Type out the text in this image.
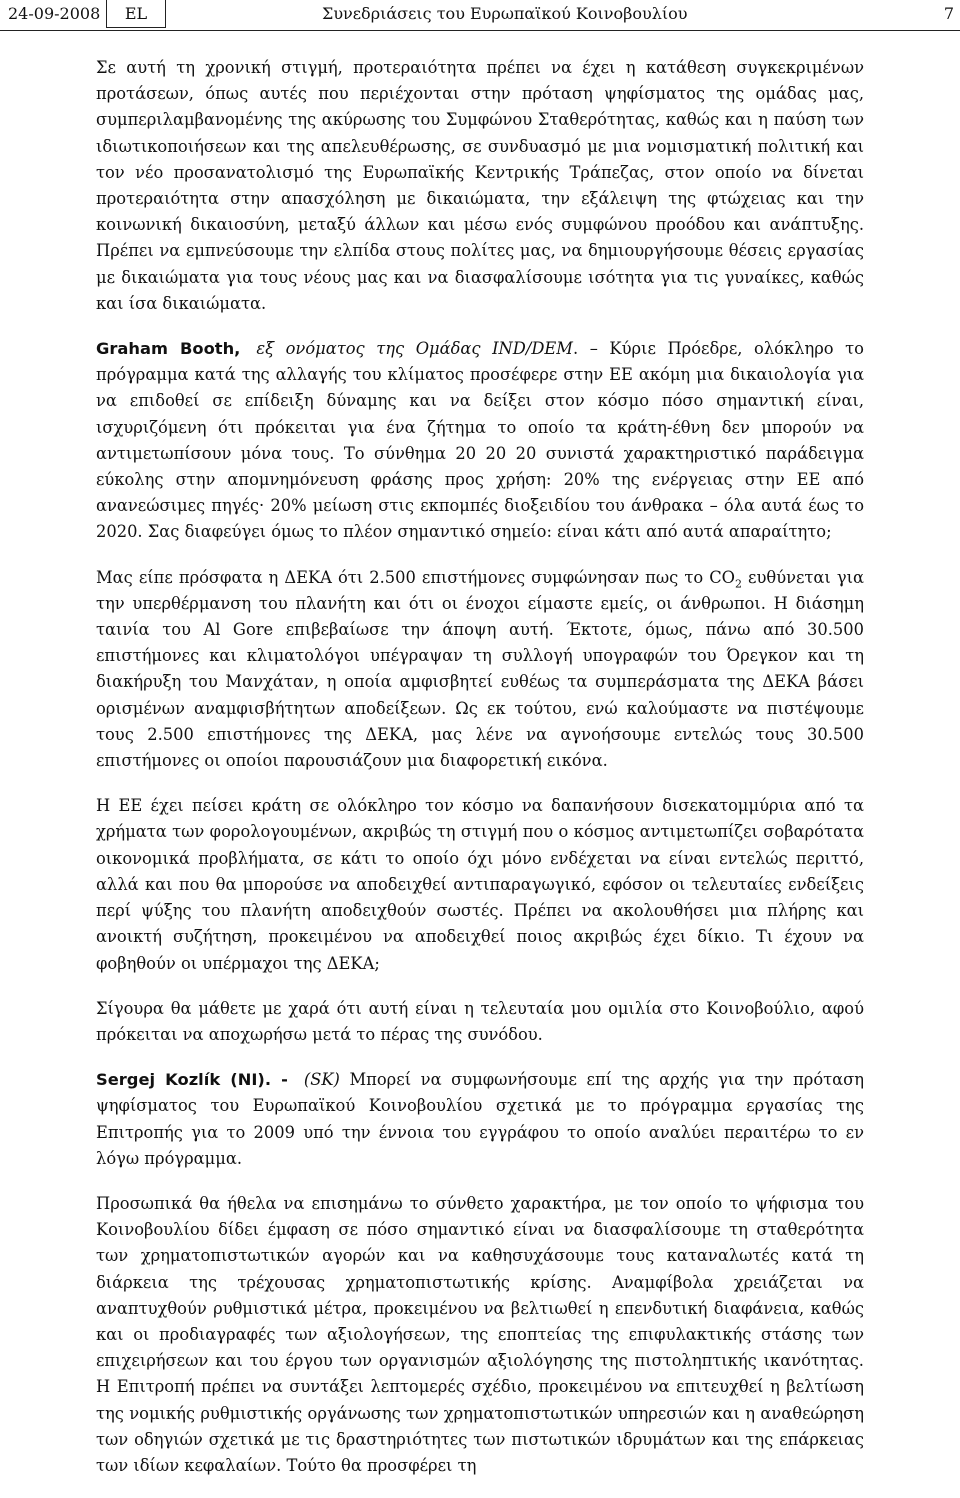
24-09-2008	EL	Συνεδριάσεις του Ευρωπαϊκού Κοινοβουλίου	7

Σε αυτή τη χρονική στιγμή, προτεραιότητα πρέπει να έχει η κατάθεση συγκεκριμένων προτάσεων, όπως αυτές που περιέχονται στην πρόταση ψηφίσματος της ομάδας μας, συμπεριλαμβανομένης της ακύρωσης του Συμφώνου Σταθερότητας, καθώς και η παύση των ιδιωτικοποιήσεων και της απελευθέρωσης, σε συνδυασμό με μια νομισματική πολιτική και τον νέο προσανατολισμό της Ευρωπαϊκής Κεντρικής Τράπεζας, στον οποίο να δίνεται προτεραιότητα στην απασχόληση με δικαιώματα, την εξάλειψη της φτώχειας και την κοινωνική δικαιοσύνη, μεταξύ άλλων και μέσω ενός συμφώνου προόδου και ανάπτυξης. Πρέπει να εμπνεύσουμε την ελπίδα στους πολίτες μας, να δημιουργήσουμε θέσεις εργασίας με δικαιώματα για τους νέους μας και να διασφαλίσουμε ισότητα για τις γυναίκες, καθώς και ίσα δικαιώματα.

Graham Booth, εξ ονόματος της Ομάδας IND/DEM. – Κύριε Πρόεδρε, ολόκληρο το πρόγραμμα κατά της αλλαγής του κλίματος προσέφερε στην ΕΕ ακόμη μια δικαιολογία για να επιδοθεί σε επίδειξη δύναμης και να δείξει στον κόσμο πόσο σημαντική είναι, ισχυριζόμενη ότι πρόκειται για ένα ζήτημα το οποίο τα κράτη-έθνη δεν μπορούν να αντιμετωπίσουν μόνα τους. Το σύνθημα 20 20 20 συνιστά χαρακτηριστικό παράδειγμα εύκολης στην απομνημόνευση φράσης προς χρήση: 20% της ενέργειας στην ΕΕ από ανανεώσιμες πηγές· 20% μείωση στις εκπομπές διοξειδίου του άνθρακα – όλα αυτά έως το 2020. Σας διαφεύγει όμως το πλέον σημαντικό σημείο: είναι κάτι από αυτά απαραίτητο;

Μας είπε πρόσφατα η ΔΕΚΑ ότι 2.500 επιστήμονες συμφώνησαν πως το $CO_2$ ευθύνεται για την υπερθέρμανση του πλανήτη και ότι οι ένοχοι είμαστε εμείς, οι άνθρωποι. Η διάσημη ταινία του Al Gore επιβεβαίωσε την άποψη αυτή. Έκτοτε, όμως, πάνω από 30.500 επιστήμονες και κλιματολόγοι υπέγραψαν τη συλλογή υπογραφών του Όρεγκον και τη διακήρυξη του Μανχάταν, η οποία αμφισβητεί ευθέως τα συμπεράσματα της ΔΕΚΑ βάσει ορισμένων αναμφισβήτητων αποδείξεων. Ως εκ τούτου, ενώ καλούμαστε να πιστέψουμε τους 2.500 επιστήμονες της ΔΕΚΑ, μας λένε να αγνοήσουμε εντελώς τους 30.500 επιστήμονες οι οποίοι παρουσιάζουν μια διαφορετική εικόνα.

Η ΕΕ έχει πείσει κράτη σε ολόκληρο τον κόσμο να δαπανήσουν δισεκατομμύρια από τα χρήματα των φορολογουμένων, ακριβώς τη στιγμή που ο κόσμος αντιμετωπίζει σοβαρότατα οικονομικά προβλήματα, σε κάτι το οποίο όχι μόνο ενδέχεται να είναι εντελώς περιττό, αλλά και που θα μπορούσε να αποδειχθεί αντιπαραγωγικό, εφόσον οι τελευταίες ενδείξεις περί ψύξης του πλανήτη αποδειχθούν σωστές. Πρέπει να ακολουθήσει μια πλήρης και ανοικτή συζήτηση, προκειμένου να αποδειχθεί ποιος ακριβώς έχει δίκιο. Τι έχουν να φοβηθούν οι υπέρμαχοι της ΔΕΚΑ;

Σίγουρα θα μάθετε με χαρά ότι αυτή είναι η τελευταία μου ομιλία στο Κοινοβούλιο, αφού πρόκειται να αποχωρήσω μετά το πέρας της συνόδου.

Sergej Kozlík (NI). - (SK) Μπορεί να συμφωνήσουμε επί της αρχής για την πρόταση ψηφίσματος του Ευρωπαϊκού Κοινοβουλίου σχετικά με το πρόγραμμα εργασίας της Επιτροπής για το 2009 υπό την έννοια του εγγράφου το οποίο αναλύει περαιτέρω το εν λόγω πρόγραμμα.

Προσωπικά θα ήθελα να επισημάνω το σύνθετο χαρακτήρα, με τον οποίο το ψήφισμα του Κοινοβουλίου δίδει έμφαση σε πόσο σημαντικό είναι να διασφαλίσουμε τη σταθερότητα των χρηματοπιστωτικών αγορών και να καθησυχάσουμε τους καταναλωτές κατά τη διάρκεια της τρέχουσας χρηματοπιστωτικής κρίσης. Αναμφίβολα χρειάζεται να αναπτυχθούν ρυθμιστικά μέτρα, προκειμένου να βελτιωθεί η επενδυτική διαφάνεια, καθώς και οι προδιαγραφές των αξιολογήσεων, της εποπτείας της επιφυλακτικής στάσης των επιχειρήσεων και του έργου των οργανισμών αξιολόγησης της πιστοληπτικής ικανότητας. Η Επιτροπή πρέπει να συντάξει λεπτομερές σχέδιο, προκειμένου να επιτευχθεί η βελτίωση της νομικής ρυθμιστικής οργάνωσης των χρηματοπιστωτικών υπηρεσιών και η αναθεώρηση των οδηγιών σχετικά με τις δραστηριότητες των πιστωτικών ιδρυμάτων και της επάρκειας των ιδίων κεφαλαίων. Τούτο θα προσφέρει τη
